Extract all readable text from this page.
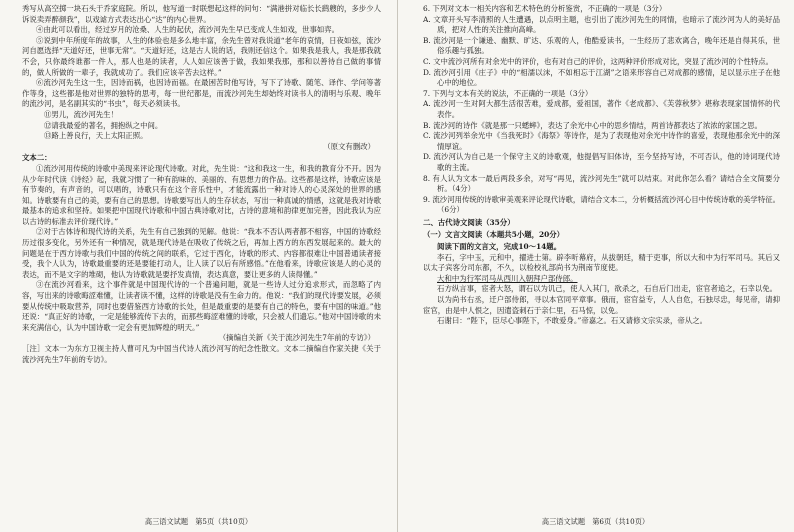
秀写从高空掷一块石头于乔家庭院。所以，他写道一时联想起这样的问句：“满港拼对临长长鹞艘的，多步少人诉说卖弄醉颜我”，以戏谑方式表达出心“达”的内心世界。

④由此可以看出，经过岁月的沧桑、人生的起伏，流沙河先生早已变成人生如戏，世事如弈。

⑤说到中年所度年的故事，人生的体验也是多么地丰富，余先生曾对我说道“老年的哀情，日夜如弦，流沙河自愿选择“天道好还，世事无常”。“天道好还，这是古人说的话，我则还信这个。如果我是我人，我是那我就不会，只你最终谁都一件人，那人也是的读者，人人如应该善于做，我如果我那，那和以善待自己做的事情的，做人所做的一辈子，我就成功了。我们应该辛苦去这样。”

⑥流沙河先生这一生，因诗而祸，也因诗而福。在最困苦时他写诗，写下了诗歌、随笔、译作、学问等著作等身，这些都是他对世界的独特的思考，每一世纪都是，而流沙河先生却始终对读书人的清明与乐观、晚年的流沙河，是名副其实的“书虫”，每天必须读书。

⑪男儿，流沙河先生！

⑫请我最爱的著名，拥抱纵之中间。

⑬路上善良行，天上太阳正照。

（原文有删改）

文本二：

①流沙河用传统的诗歌中美现来评论现代诗歌。对此，先生说：“这和我这一生，和我的教育分不开。因为从少年时代读《诗经》起，我就习惯了一种有韵味的、美丽的、有思想力的作品。这些都是这样，诗歌应该是有节奏的，有声音的，可以唱的，诗歌只有在这个音乐性中，才能流露出一种对诗人的心灵深处的世界的感知。诗歌要有自己的美，要有自己的思想。诗歌要写出人的生存状态，写出一种真诚的情感，这就是我对诗歌最基本的追求和坚持。如果把中国现代诗歌和中国古典诗歌对比，古诗的意境和韵律更加完善，因此我认为应以古诗的标准去评价现代诗。”

②对于古体诗和现代诗的关系，先生有自己独到的见解。他说：“我本不否认两者都不相容，中国的诗歌经历过很多变化，另外还有一种情况，就是现代诗是在吸收了传统之后，再加上西方的东西发展起来的。最大的问题是在于西方诗歌与我们中国的传统之间的联系，它过于西化，诗歌的形式、内容都很难让中国普通读者接受，我个人认为，诗歌最重要的还是要能打动人，让人读了以后有所感悟。”在他看来，诗歌应该是人的心灵的表达，而不是文字的堆砌，他认为诗歌就是要抒发真情，表达真意，要让更多的人读得懂。”

③在流沙河看来，这个事件就是中国现代诗的一个普遍问题，就是一些诗人过分追求形式，而忽略了内容，写出来的诗歌晦涩难懂，让读者读不懂，这样的诗歌是没有生命力的。他说：“我们的现代诗要发展，必须要从传统中吸取营养，同时也要借鉴西方诗歌的长处，但是最重要的是要有自己的特色，要有中国的味道。”他还说：“真正好的诗歌，一定是能够流传下去的，而那些晦涩难懂的诗歌，只会被人们遗忘。”他对中国诗歌的未来充满信心，认为中国诗歌一定会有更加辉煌的明天。”

（摘编自关新《关于流沙河先生7年前的专访》）

［注］文本一为东方卫视主持人曹可凡为中国当代诗人流沙河写的纪念性散文。文本二摘编自作家关捷《关于流沙河先生7年前的专访》。

高三语文试题　第5页（共10页）

6. 下列对文本一相关内容和艺术特色的分析鉴赏，不正确的一项是（3分）

A. 文章开头写李清照的人生遭遇，以点明主题，也引出了流沙河先生的同情，也暗示了流沙河为人的美好品质，把对人性的关注推向高峰。

B. 流沙河是一个谦逊、幽默、旷达、乐观的人，他酷爱读书，一生经历了悲欢离合，晚年还是自得其乐，世俗乐趣与孤独。

C. 文中流沙河所有对余光中的评价，也有对自己的评价，这两种评价形成对比，突显了流沙河的个性特点。

D. 流沙河引用《庄子》中的“相濡以沫，不如相忘于江湖”之语来形容自己对成都的感情，足以显示庄子在他心中的地位。

7. 下列与文本有关的说法，不正确的一项是（3分）

A. 流沙河一生对阿大都生活很苦难，爱成都，爱祖国，著作《老成都》、《芙蓉秋梦》堪称表现家国情怀的代表作。

B. 流沙河的诗作《就是那一只蟋蟀》，表达了余光中心中的思乡情结，两首诗都表达了浓浓的家国之思。

C. 流沙河列举余光中《当我死时》《海祭》等诗作，是为了表现他对余光中诗作的喜爱，表现他那余光中的深情厚谊。

D. 流沙河认为自己是一个保守主义的诗歌观，他提倡写旧体诗，至今坚持写诗，不可否认，他的诗词现代诗歌的主流。

8. 有人认为文本一最后两段多余，对写“再见，流沙河先生”就可以结束。对此你怎么看？请结合全文简要分析。（4分）

9. 流沙河用传统的诗歌审美观来评论现代诗歌，请结合文本二，分析概括流沙河心目中传统诗歌的美学特征。（6分）

二、古代诗文阅读（35分）

（一）文言文阅读（本题共5小题，20分）

阅读下面的文言文，完成10～14题。

李石，字中玉，元和中，擢进士第。辟李听幕府，从拔朝廷，精于吏事，所以大和中为行军司马。其后又以太子宾客分司东都，不久，以检校礼部尚书为荆南节度使。

大和中为行军司马从西川入朝拜户部侍郎。

石方纵言事，宦者大怒，谓石以为讥己，使人入其门，欲杀之，石自后门出走，宦官者追之，石幸以免。

以为尚书右丞，迁户部侍郎，寻以本官同平章事。俄而，宦官益专，人人自危，石独尽忠，每见帝，请抑宦官，由是中人恨之，因遣盗刺石于亲仁里，石马惊，以免。

石谢曰：“陛下，臣尽心事陛下，不敢爱身。”帝嘉之。石又请修文宗实录，帝从之。

高三语文试题　第6页（共10页）
